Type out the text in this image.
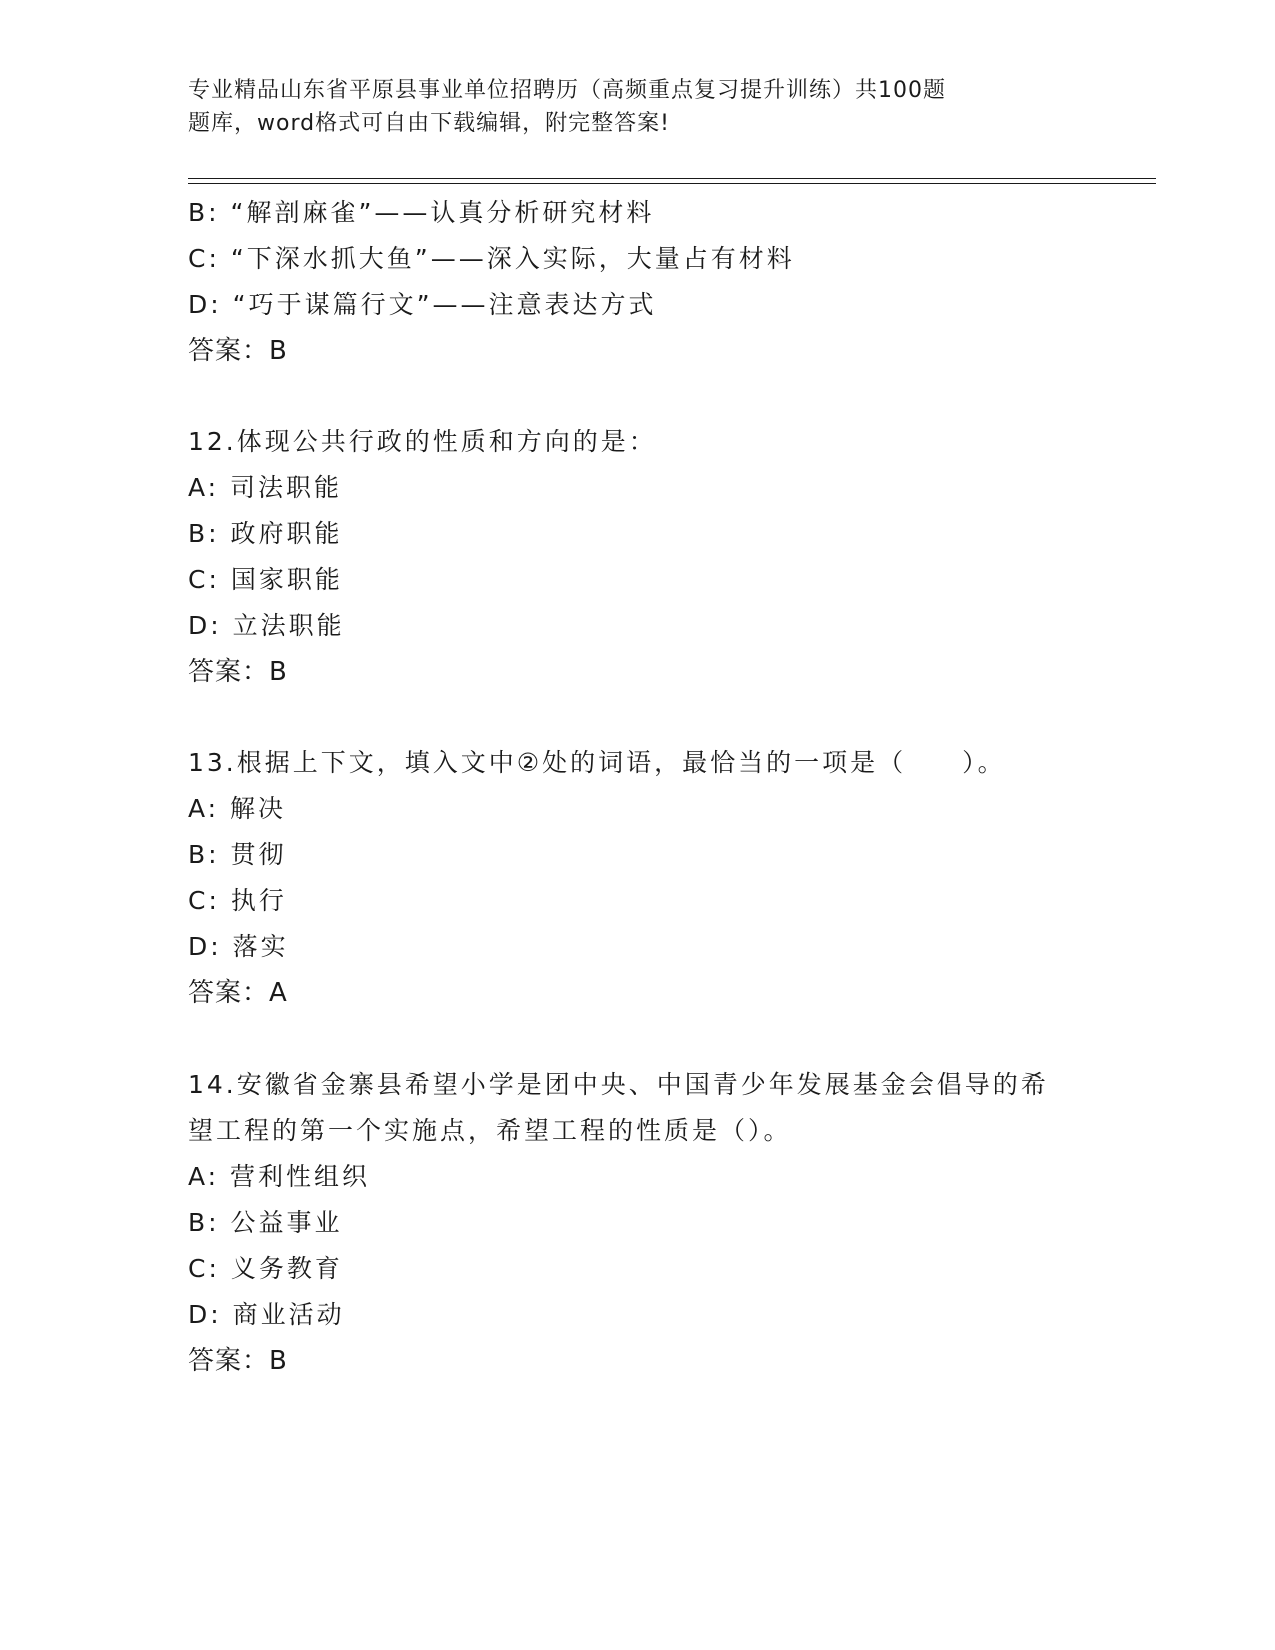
专业精品山东省平原县事业单位招聘历（高频重点复习提升训练）共100题
题库，word格式可自由下载编辑，附完整答案!
B: “解剖麻雀”——认真分析研究材料
C: “下深水抓大鱼”——深入实际，大量占有材料
D: “巧于谋篇行文”——注意表达方式
答案：B
12.体现公共行政的性质和方向的是：
A: 司法职能
B: 政府职能
C: 国家职能
D: 立法职能
答案：B
13.根据上下文，填入文中②处的词语，最恰当的一项是（　　）。
A: 解决
B: 贯彻
C: 执行
D: 落实
答案：A
14.安徽省金寨县希望小学是团中央、中国青少年发展基金会倡导的希
望工程的第一个实施点，希望工程的性质是（）。
A: 营利性组织
B: 公益事业
C: 义务教育
D: 商业活动
答案：B
